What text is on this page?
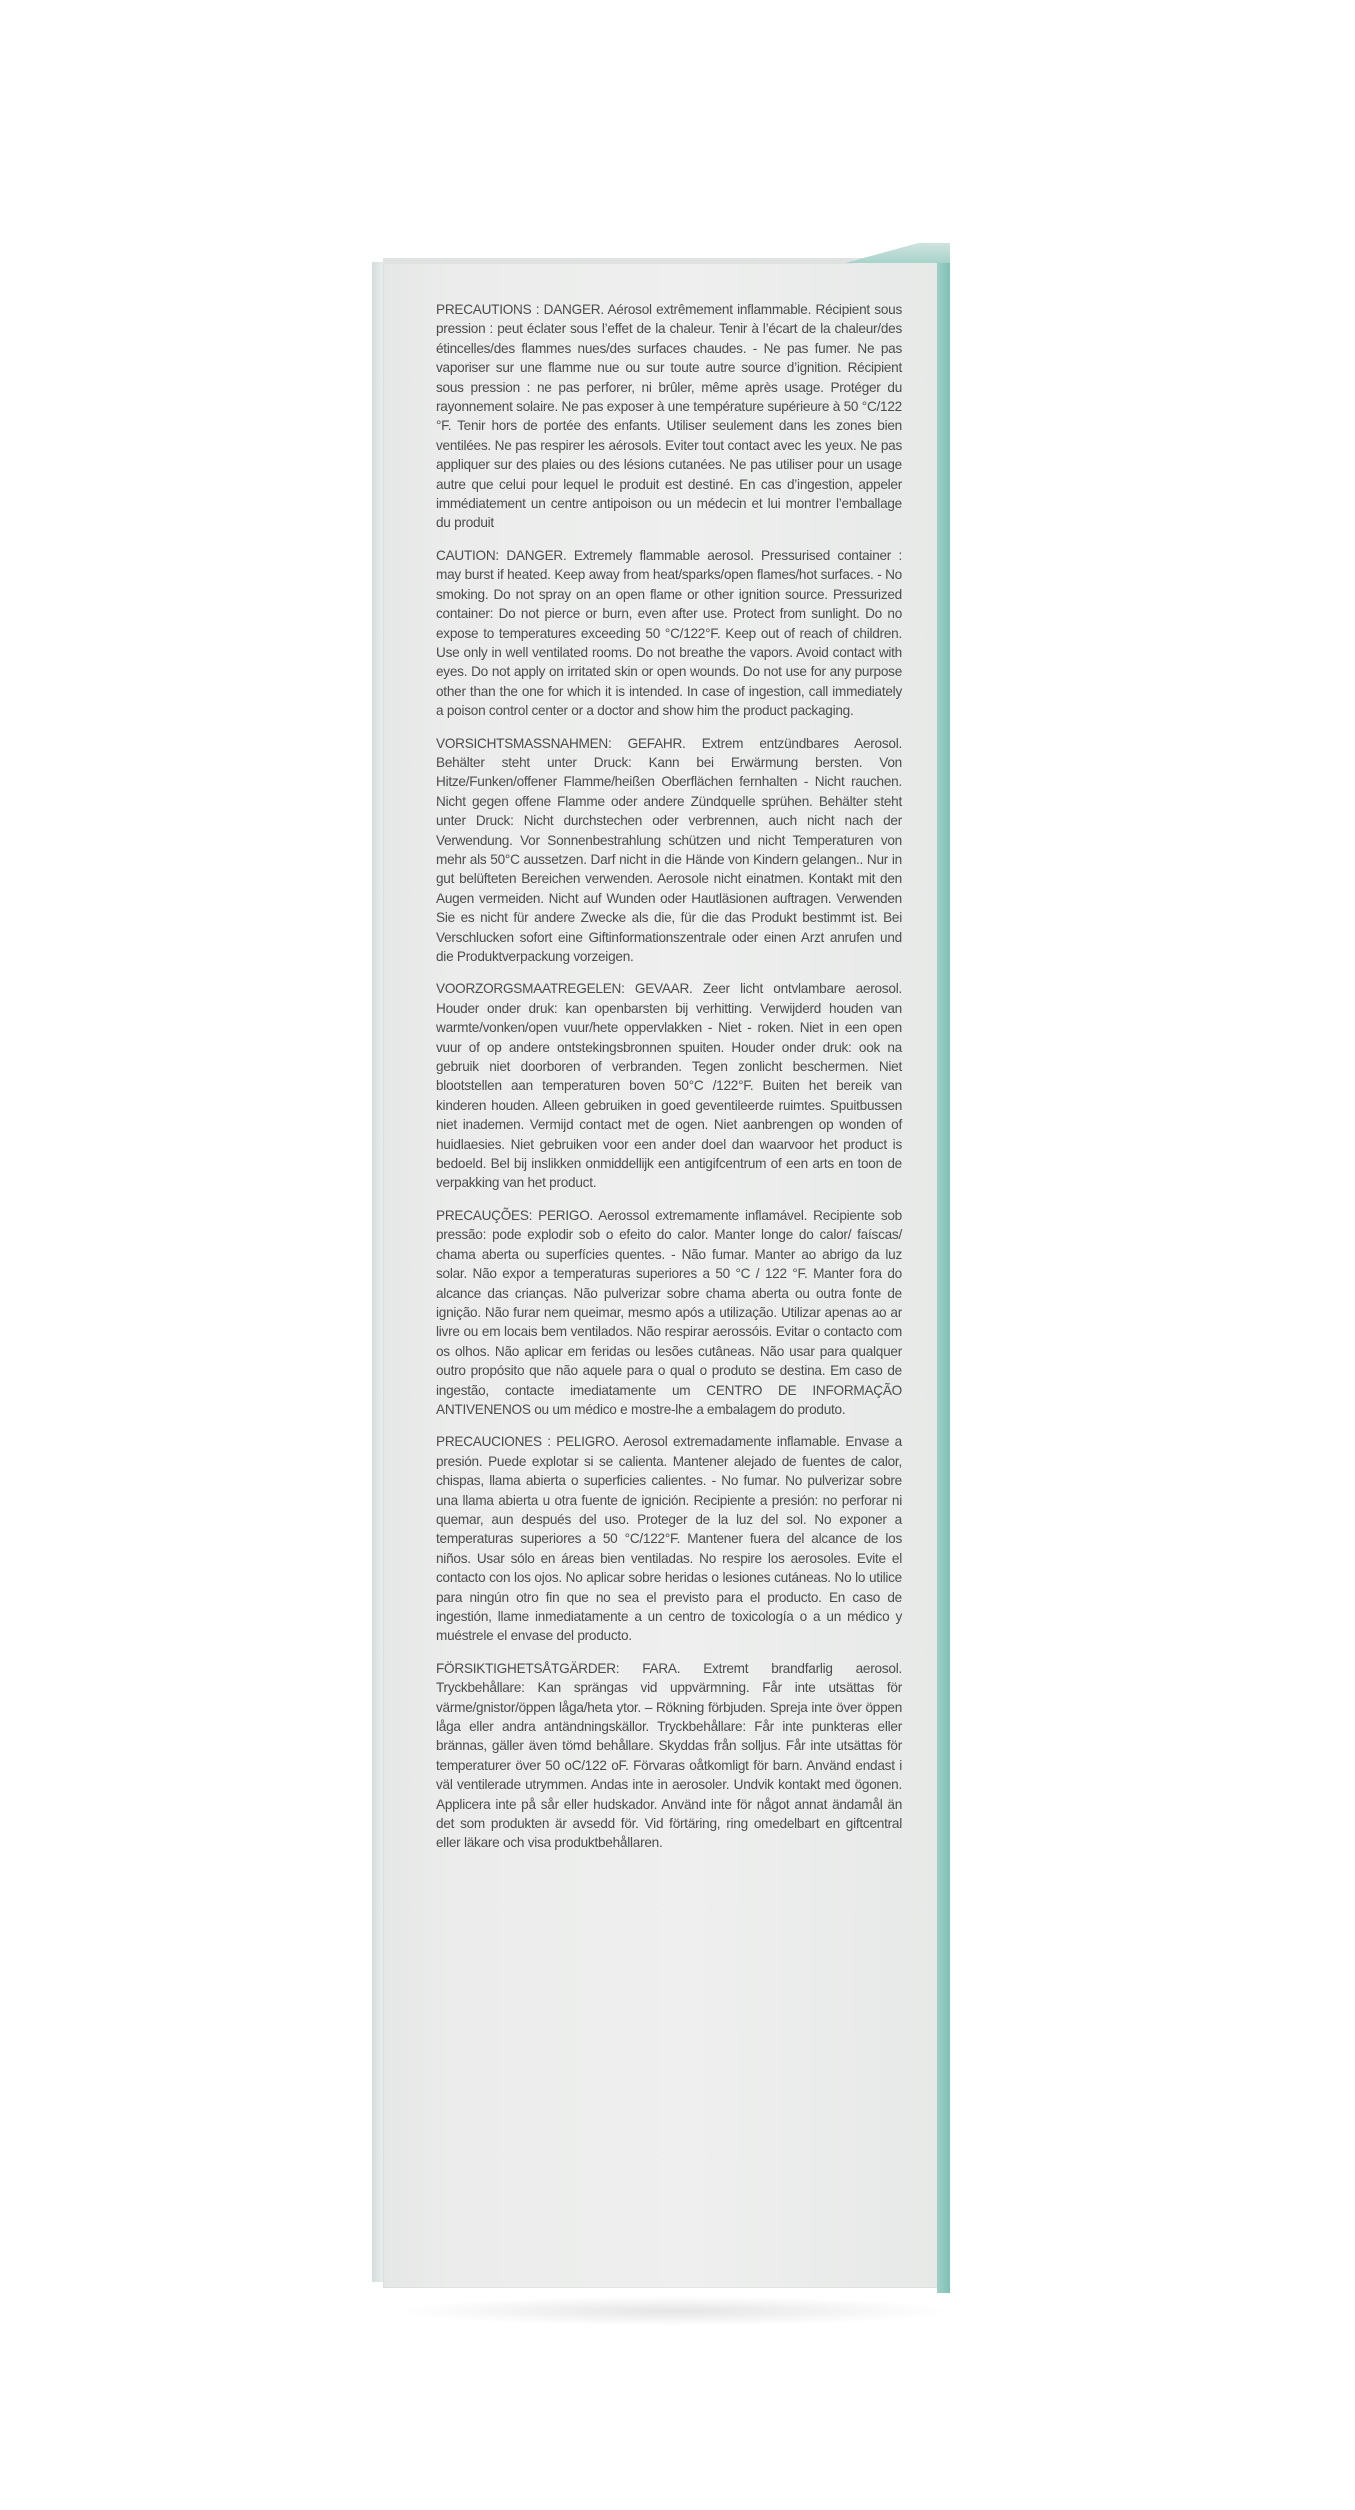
PRECAUTIONS : DANGER. Aérosol extrêmement inflammable. Récipient sous pression : peut éclater sous l’effet de la chaleur. Tenir à l’écart de la chaleur/des étincelles/des flammes nues/des surfaces chaudes. - Ne pas fumer. Ne pas vaporiser sur une flamme nue ou sur toute autre source d’ignition. Récipient sous pression : ne pas perforer, ni brûler, même après usage. Protéger du rayonnement solaire. Ne pas exposer à une température supérieure à 50 °C/122 °F. Tenir hors de portée des enfants. Utiliser seulement dans les zones bien ventilées. Ne pas respirer les aérosols. Eviter tout contact avec les yeux. Ne pas appliquer sur des plaies ou des lésions cutanées. Ne pas utiliser pour un usage autre que celui pour lequel le produit est destiné. En cas d’ingestion, appeler immédiatement un centre antipoison ou un médecin et lui montrer l’emballage du produit

CAUTION: DANGER. Extremely flammable aerosol. Pressurised container : may burst if heated. Keep away from heat/sparks/open flames/hot surfaces. - No smoking. Do not spray on an open flame or other ignition source. Pressurized container: Do not pierce or burn, even after use. Protect from sunlight. Do no expose to temperatures exceeding 50 °C/122°F. Keep out of reach of children. Use only in well ventilated rooms. Do not breathe the vapors. Avoid contact with eyes. Do not apply on irritated skin or open wounds. Do not use for any purpose other than the one for which it is intended. In case of ingestion, call immediately a poison control center or a doctor and show him the product packaging.

VORSICHTSMASSNAHMEN: GEFAHR. Extrem entzündbares Aerosol. Behälter steht unter Druck: Kann bei Erwärmung bersten. Von Hitze/Funken/offener Flamme/heißen Oberflächen fernhalten - Nicht rauchen. Nicht gegen offene Flamme oder andere Zündquelle sprühen. Behälter steht unter Druck: Nicht durchstechen oder verbrennen, auch nicht nach der Verwendung. Vor Sonnenbestrahlung schützen und nicht Temperaturen von mehr als 50°C aussetzen. Darf nicht in die Hände von Kindern gelangen.. Nur in gut belüfteten Bereichen verwenden. Aerosole nicht einatmen. Kontakt mit den Augen vermeiden. Nicht auf Wunden oder Hautläsionen auftragen. Verwenden Sie es nicht für andere Zwecke als die, für die das Produkt bestimmt ist. Bei Verschlucken sofort eine Giftinformationszentrale oder einen Arzt anrufen und die Produktverpackung vorzeigen.

VOORZORGSMAATREGELEN: GEVAAR. Zeer licht ontvlambare aerosol. Houder onder druk: kan openbarsten bij verhitting. Verwijderd houden van warmte/vonken/open vuur/hete oppervlakken - Niet - roken. Niet in een open vuur of op andere ontstekingsbronnen spuiten. Houder onder druk: ook na gebruik niet doorboren of verbranden. Tegen zonlicht beschermen. Niet blootstellen aan temperaturen boven 50°C /122°F. Buiten het bereik van kinderen houden. Alleen gebruiken in goed geventileerde ruimtes. Spuitbussen niet inademen. Vermijd contact met de ogen. Niet aanbrengen op wonden of huidlaesies. Niet gebruiken voor een ander doel dan waarvoor het product is bedoeld. Bel bij inslikken onmiddellijk een antigifcentrum of een arts en toon de verpakking van het product.

PRECAUÇÕES: PERIGO. Aerossol extremamente inflamável. Recipiente sob pressão: pode explodir sob o efeito do calor. Manter longe do calor/ faíscas/ chama aberta ou superfícies quentes. - Não fumar. Manter ao abrigo da luz solar. Não expor a temperaturas superiores a 50 °C / 122 °F. Manter fora do alcance das crianças. Não pulverizar sobre chama aberta ou outra fonte de ignição. Não furar nem queimar, mesmo após a utilização. Utilizar apenas ao ar livre ou em locais bem ventilados. Não respirar aerossóis. Evitar o contacto com os olhos. Não aplicar em feridas ou lesões cutâneas. Não usar para qualquer outro propósito que não aquele para o qual o produto se destina. Em caso de ingestão, contacte imediatamente um CENTRO DE INFORMAÇÃO ANTIVENENOS ou um médico e mostre-lhe a embalagem do produto.

PRECAUCIONES : PELIGRO. Aerosol extremadamente inflamable. Envase a presión. Puede explotar si se calienta. Mantener alejado de fuentes de calor, chispas, llama abierta o superficies calientes. - No fumar. No pulverizar sobre una llama abierta u otra fuente de ignición. Recipiente a presión: no perforar ni quemar, aun después del uso. Proteger de la luz del sol. No exponer a temperaturas superiores a 50 °C/122°F. Mantener fuera del alcance de los niños. Usar sólo en áreas bien ventiladas. No respire los aerosoles. Evite el contacto con los ojos. No aplicar sobre heridas o lesiones cutáneas. No lo utilice para ningún otro fin que no sea el previsto para el producto. En caso de ingestión, llame inmediatamente a un centro de toxicología o a un médico y muéstrele el envase del producto.

FÖRSIKTIGHETSÅTGÄRDER: FARA. Extremt brandfarlig aerosol. Tryckbehållare: Kan sprängas vid uppvärmning. Får inte utsättas för värme/gnistor/öppen låga/heta ytor. – Rökning förbjuden. Spreja inte över öppen låga eller andra antändningskällor. Tryckbehållare: Får inte punkteras eller brännas, gäller även tömd behållare. Skyddas från solljus. Får inte utsättas för temperaturer över 50 oC/122 oF. Förvaras oåtkomligt för barn. Använd endast i väl ventilerade utrymmen. Andas inte in aerosoler. Undvik kontakt med ögonen. Applicera inte på sår eller hudskador. Använd inte för något annat ändamål än det som produkten är avsedd för. Vid förtäring, ring omedelbart en giftcentral eller läkare och visa produktbehållaren.
